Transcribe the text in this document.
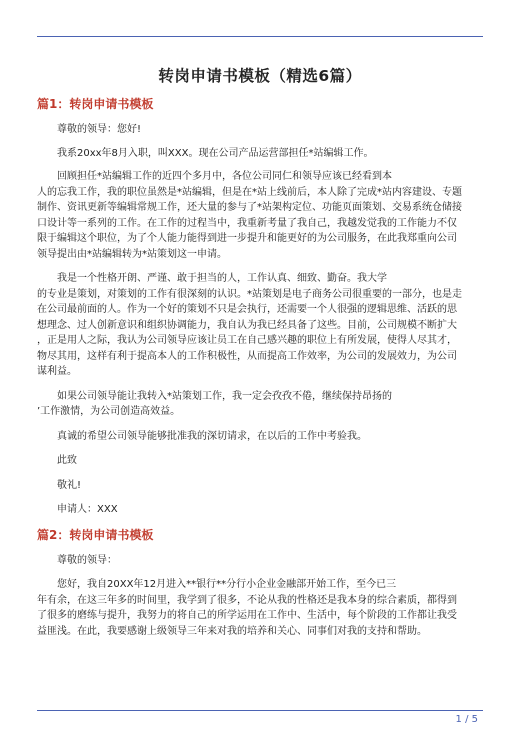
转岗申请书模板（精选6篇）
篇1：转岗申请书模板
尊敬的领导：您好!
我系20xx年8月入职，叫XXX。现在公司产品运营部担任*站编辑工作。
回顾担任*站编辑工作的近四个多月中，各位公司同仁和领导应该已经看到本
人的忘我工作，我的职位虽然是*站编辑，但是在*站上线前后，本人除了完成*站内容建设、专题
制作、资讯更新等编辑常规工作，还大量的参与了*站架构定位、功能页面策划、交易系统仓储接
口设计等一系列的工作。在工作的过程当中，我重新考量了我自己，我越发觉我的工作能力不仅
限于编辑这个职位，为了个人能力能得到进一步提升和能更好的为公司服务，在此我郑重向公司
领导提出由*站编辑转为*站策划这一申请。
我是一个性格开朗、严谨、敢于担当的人，工作认真、细致、勤奋。我大学
的专业是策划，对策划的工作有很深刻的认识。*站策划是电子商务公司很重要的一部分，也是走
在公司最前面的人。作为一个好的策划不只是会执行，还需要一个人很强的逻辑思维、活跃的思
想理念、过人创新意识和组织协调能力，我自认为我已经具备了这些。目前，公司规模不断扩大
，正是用人之际，我认为公司领导应该让员工在自己感兴趣的职位上有所发展，使得人尽其才，
物尽其用，这样有利于提高本人的工作积极性，从而提高工作效率，为公司的发展效力，为公司
谋利益。
如果公司领导能让我转入*站策划工作，我一定会孜孜不倦，继续保持昂扬的
’工作激情，为公司创造高效益。
真诚的希望公司领导能够批准我的深切请求，在以后的工作中考验我。
此致
敬礼!
申请人：XXX
篇2：转岗申请书模板
尊敬的领导：
您好，我自20XX年12月进入**银行**分行小企业金融部开始工作，至今已三
年有余，在这三年多的时间里，我学到了很多，不论从我的性格还是我本身的综合素质，都得到
了很多的磨练与提升，我努力的将自己的所学运用在工作中、生活中，每个阶段的工作都让我受
益匪浅。在此，我要感谢上级领导三年来对我的培养和关心、同事们对我的支持和帮助。
1 / 5
